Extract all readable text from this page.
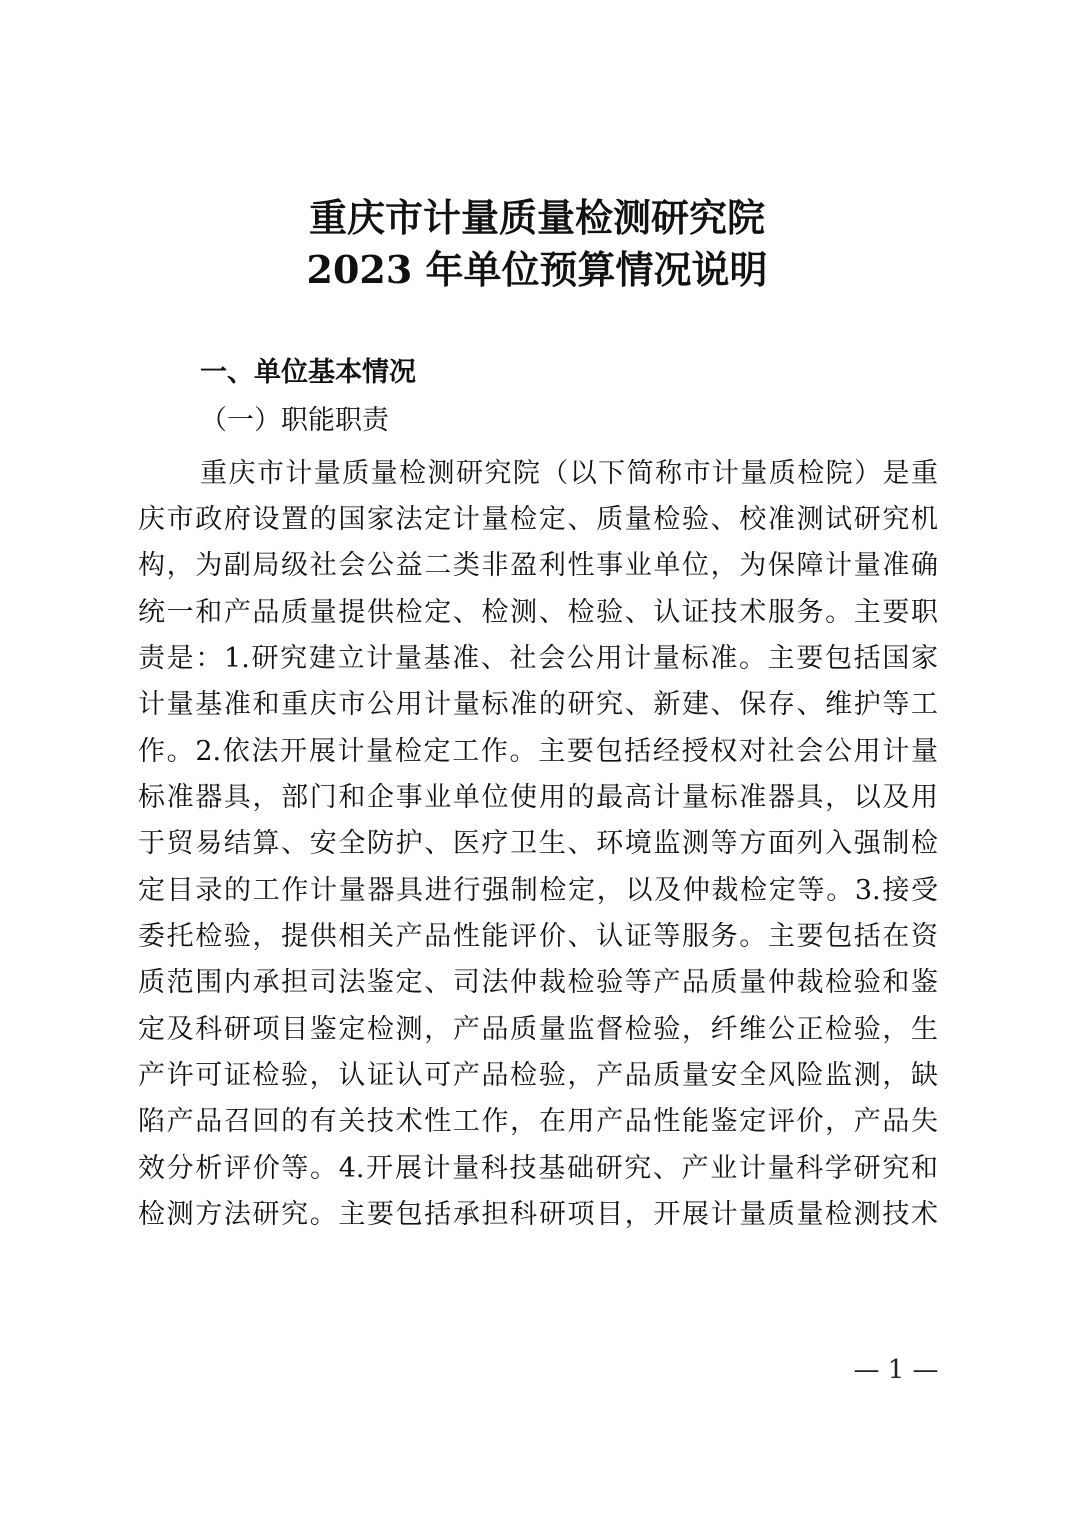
重庆市计量质量检测研究院
2023 年单位预算情况说明
一、单位基本情况
（一）职能职责
重庆市计量质量检测研究院（以下简称市计量质检院）是重
庆市政府设置的国家法定计量检定、质量检验、校准测试研究机
构，为副局级社会公益二类非盈利性事业单位，为保障计量准确
统一和产品质量提供检定、检测、检验、认证技术服务。主要职
责是：1.研究建立计量基准、社会公用计量标准。主要包括国家
计量基准和重庆市公用计量标准的研究、新建、保存、维护等工
作。2.依法开展计量检定工作。主要包括经授权对社会公用计量
标准器具，部门和企事业单位使用的最高计量标准器具，以及用
于贸易结算、安全防护、医疗卫生、环境监测等方面列入强制检
定目录的工作计量器具进行强制检定，以及仲裁检定等。3.接受
委托检验，提供相关产品性能评价、认证等服务。主要包括在资
质范围内承担司法鉴定、司法仲裁检验等产品质量仲裁检验和鉴
定及科研项目鉴定检测，产品质量监督检验，纤维公正检验，生
产许可证检验，认证认可产品检验，产品质量安全风险监测，缺
陷产品召回的有关技术性工作，在用产品性能鉴定评价，产品失
效分析评价等。4.开展计量科技基础研究、产业计量科学研究和
检测方法研究。主要包括承担科研项目，开展计量质量检测技术
— 1 —
